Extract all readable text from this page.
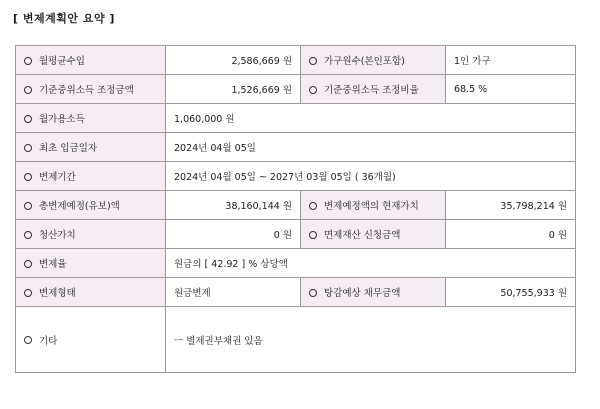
[ 변제계획안 요약 ]
월평균수입	2,586,669 원	가구원수(본인포함)	1인 가구
기준중위소득 조정금액	1,526,669 원	기준중위소득 조정비율	68.5 %
월가용소득	1,060,000 원		
최초 입금일자	2024년 04월 05일		
변제기간	2024년 04월 05일 ~ 2027년 03월 05일 ( 36개월)		
총변제예정(유보)액	38,160,144 원	변제예정액의 현재가치	35,798,214 원
청산가치	0 원	면제재산 신청금액	0 원
변제율	원금의 [ 42.92 ] % 상당액		
변제형태	원금변제	탕감예상 채무금액	50,755,933 원
기타	ㅡ 별제권부채권 있음		
